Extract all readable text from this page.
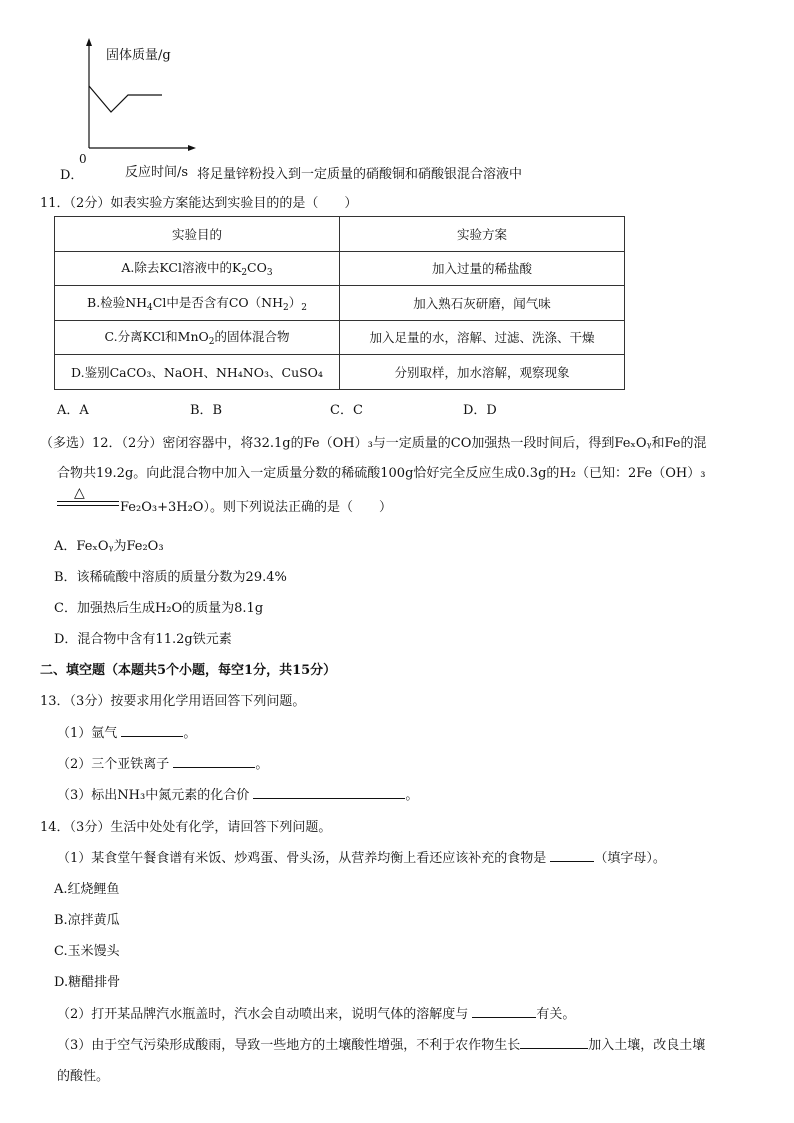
固体质量/g
0
D．	反应时间/s 将足量锌粉投入到一定质量的硝酸铜和硝酸银混合溶液中
11．（2分）如表实验方案能达到实验目的的是（　　）
实验目的	实验方案
A.除去KCl溶液中的$K_2CO_3$	加入过量的稀盐酸
B.检验$NH_4Cl$中是否含有$CO(NH_2)_2$	加入熟石灰研磨，闻气味
C.分离KCl和MnO$_2$的固体混合物	加入足量的水，溶解、过滤、洗涤、干燥
D.鉴别CaCO₃、NaOH、NH₄NO₃、CuSO₄	分别取样，加水溶解，观察现象
A．A	B．B	C．C	D．D
（多选）12．（2分）密闭容器中，将32.1g的Fe（OH）₃与一定质量的CO加强热一段时间后，得到FeₓOᵧ和Fe的混
合物共19.2g。向此混合物中加入一定质量分数的稀硫酸100g恰好完全反应生成0.3g的H₂（已知：2Fe（OH）₃
△
Fe₂O₃+3H₂O）。则下列说法正确的是（　　）
A．FeₓOᵧ为Fe₂O₃
B．该稀硫酸中溶质的质量分数为29.4%
C．加强热后生成H₂O的质量为8.1g
D．混合物中含有11.2g铁元素
二、填空题（本题共5个小题，每空1分，共15分）
13．（3分）按要求用化学用语回答下列问题。
（1）氩气	。
（2）三个亚铁离子	。
（3）标出NH₃中氮元素的化合价	。
14．（3分）生活中处处有化学，请回答下列问题。
（1）某食堂午餐食谱有米饭、炒鸡蛋、骨头汤，从营养均衡上看还应该补充的食物是	（填字母）。
A.红烧鲤鱼
B.凉拌黄瓜
C.玉米馒头
D.糖醋排骨
（2）打开某品牌汽水瓶盖时，汽水会自动喷出来，说明气体的溶解度与	有关。
（3）由于空气污染形成酸雨，导致一些地方的土壤酸性增强，不利于农作物生长	加入土壤，改良土壤
的酸性。
